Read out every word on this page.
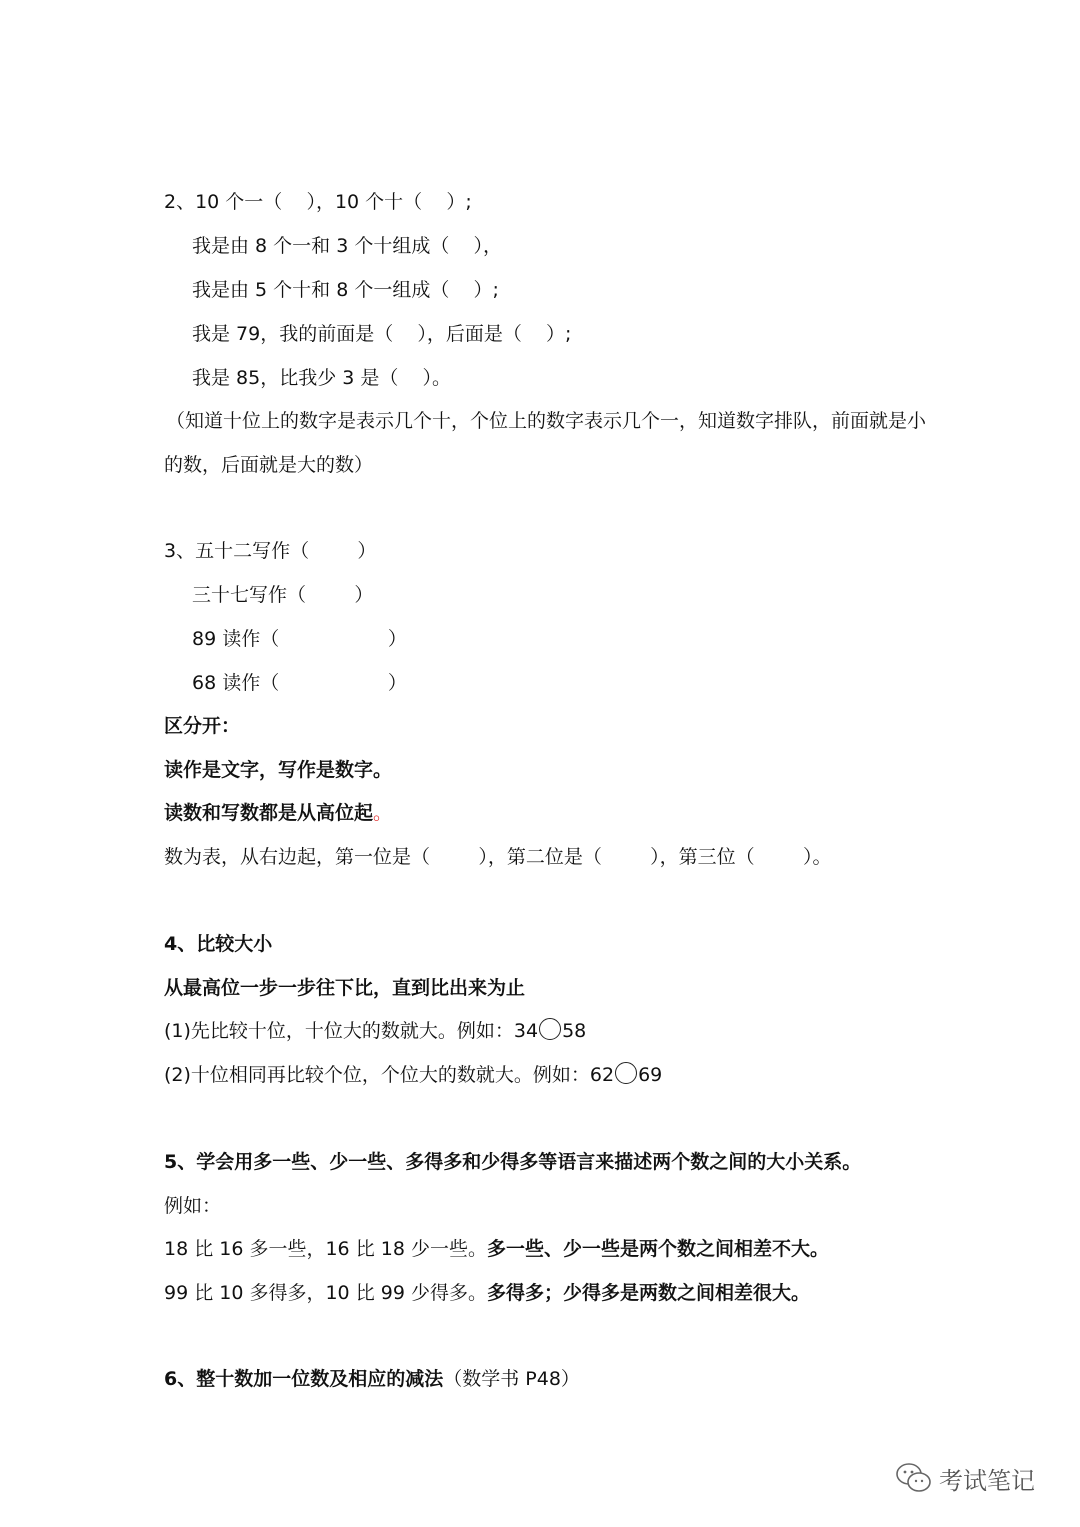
2、10 个一（    ），10 个十（    ）;
我是由 8 个一和 3 个十组成（    ），
我是由 5 个十和 8 个一组成（    ）;
我是 79，我的前面是（    ），后面是（    ）;
我是 85，比我少 3 是（    ）。
（知道十位上的数字是表示几个十，个位上的数字表示几个一，知道数字排队，前面就是小
的数，后面就是大的数）
3、五十二写作（        ）
三十七写作（        ）
89 读作（                  ）
68 读作（                  ）
区分开：
读作是文字，写作是数字。
读数和写数都是从高位起。
数为表，从右边起，第一位是（        ），第二位是（        ），第三位（        ）。
4、比较大小
从最高位一步一步往下比，直到比出来为止
(1)先比较十位，十位大的数就大。例如：34 58
(2)十位相同再比较个位，个位大的数就大。例如：62 69
5、学会用多一些、少一些、多得多和少得多等语言来描述两个数之间的大小关系。
例如：
18 比 16 多一些，16 比 18 少一些。多一些、少一些是两个数之间相差不大。
99 比 10 多得多，10 比 99 少得多。多得多；少得多是两数之间相差很大。
6、整十数加一位数及相应的减法（数学书 P48）
考试笔记
